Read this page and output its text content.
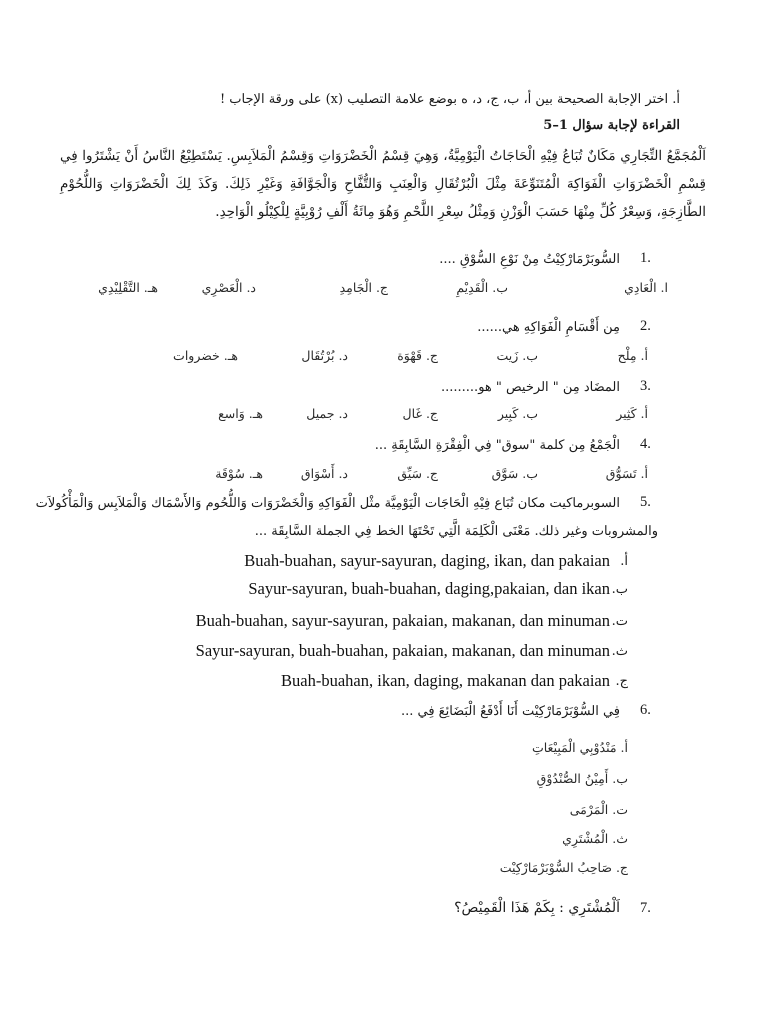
أ. اختر الإجابة الصحيحة بين أ، ب، ج، د، ه بوضع علامة التصليب (x) على ورقة الإجاب !
القراءة لإجابة سؤال 1–5
اَلْمُجَمَّعُ التِّجَارِي مَكَانٌ تُبَاعُ فِيْهِ الْحَاجَاتُ الْيَوْمِيَّةُ، وَهِيَ قِسْمُ الْخَضْرَوَاتِ وَقِسْمُ الْمَلاَبِسِ. يَسْتَطِيْعُ النَّاسُ أَنْ يَشْتَرُوا فِي قِسْمِ الْخَضْرَوَاتِ الْفَوَاكِهَ الْمُتَنَوِّعَةَ مِثْلَ الْبُرْتُقَالِ وَالْعِنَبِ وَالتُّفَّاحِ وَالْجَوَّافَةِ وَغَيْرِ ذَلِكَ. وَكَذَ لِكَ الْخَضْرَوَاتِ وَاللُّحُوْمِ الطَّازِجَةِ، وَسِعْرُ كُلِّ مِنْهَا حَسَبَ الْوَزْنِ وَمِثْلُ سِعْرِ اللَّحْمِ وَهُوَ مِائَةُ أَلْفِ رُوْبِيَّةٍ لِلْكِيْلُو الْوَاحِدِ.
1.
السُّوبَرْمَارْكِيْتُ مِنْ نَوْعِ السُّوْقِ ....
ا. الْعَادِي
ب. الْقَدِيْمِ
ج. الْجَامِدِ
د. الْعَصْرِي
هـ. التَّقْلِيْدِي
2.
مِن أَقْسَامِ الْفَوَاكِهِ هي......
أ. مِلْح
ب. زَيت
ج. قَهْوَة
د. بُرْتُقَال
هـ. خضروات
3.
المضَاد مِن " الرخيص " هو.........
أ. كَثِير
ب. كَبِير
ج. غَال
د. جميل
هـ. وَاسع
4.
الْجَمْعُ مِن كلمة "سوق" فِي الْفِقْرَةِ السَّابِقَةِ ...
أ. تَسَوُّق
ب. سَوَّق
ج. سَيِّق
د. أَسْوَاق
هـ. سُوْقَة
5.
السوبرماكيت مكان تُبَاع فِيْهِ الْحَاجَات الْيَوْمِيَّة مثْل الْفَوَاكِهِ وَالْخَضْرَوَات وَاللُّحُوم وَالأَسْمَاك وَالْمَلاَبِس وَالْمَأْكُولاَت
والمشروبات وغير ذلك. مَعْنَى الْكَلِمَة الَّتِي تَحْتَهَا الخط فِي الجملة السَّابِقَة ...
أ.
Buah-buahan, sayur-sayuran, daging, ikan, dan pakaian
ب.
Sayur-sayuran, buah-buahan, daging,pakaian, dan ikan
ت.
Buah-buahan, sayur-sayuran, pakaian, makanan, dan minuman
ث.
Sayur-sayuran, buah-buahan, pakaian, makanan, dan minuman
ج.
Buah-buahan, ikan, daging, makanan dan pakaian
6.
فِي السُّوْبَرْمَارْكِيْت أَنَا أَدْفَعُ الْبَضَائِعَ فِي ...
أ. مَنْدُوْبِي الْمَبِيْعَاتِ
ب. أَمِيْنُ الصُّنْدُوْقِ
ت. الْمَرْمَى
ث. الْمُشْتَرِي
ج. صَاحِبُ السُّوْبَرْمَارْكِيْت
7.
اَلْمُشْتَرِي : بِكَمْ هَذَا الْقَمِيْصُ؟
